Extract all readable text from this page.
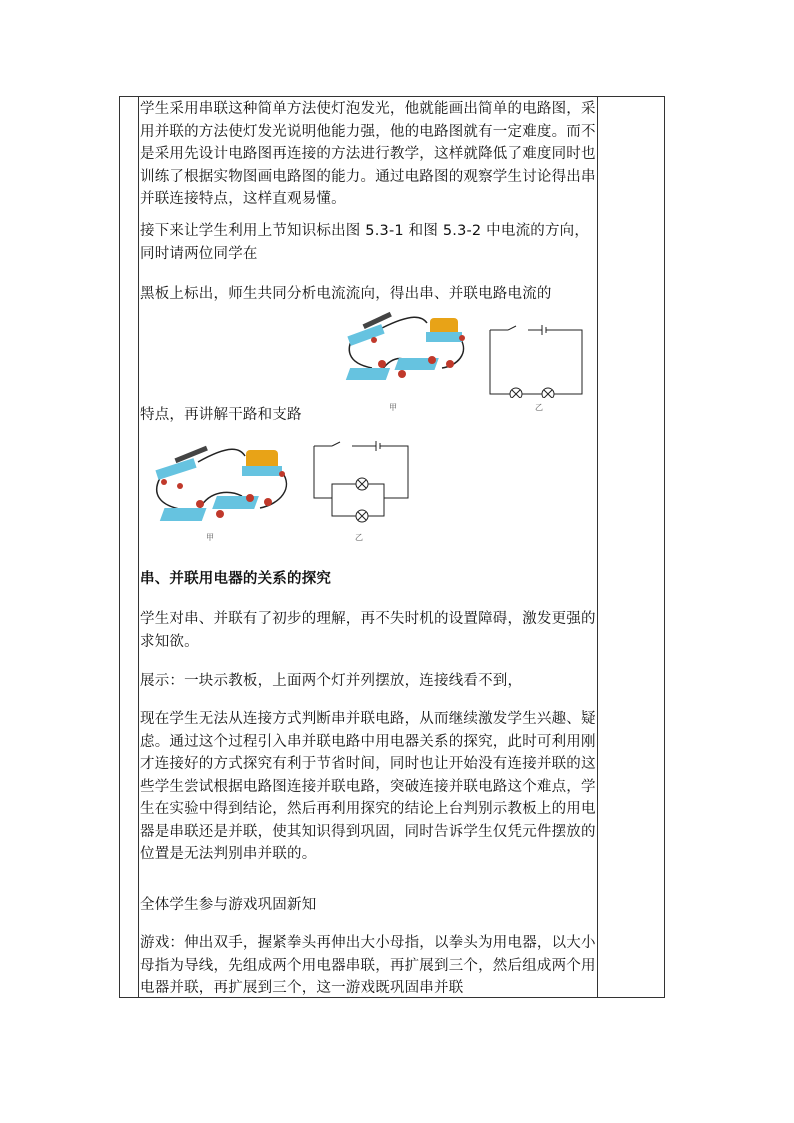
学生采用串联这种简单方法使灯泡发光，他就能画出简单的电路图，采用并联的方法使灯发光说明他能力强，他的电路图就有一定难度。而不是采用先设计电路图再连接的方法进行教学，这样就降低了难度同时也训练了根据实物图画电路图的能力。通过电路图的观察学生讨论得出串并联连接特点，这样直观易懂。

接下来让学生利用上节知识标出图 5.3-1 和图 5.3-2 中电流的方向，同时请两位同学在

黑板上标出，师生共同分析电流流向，得出串、并联电路电流的

甲	乙

特点，再讲解干路和支路

甲	乙

串、并联用电器的关系的探究

学生对串、并联有了初步的理解，再不失时机的设置障碍，激发更强的求知欲。

展示：一块示教板，上面两个灯并列摆放，连接线看不到，

现在学生无法从连接方式判断串并联电路，从而继续激发学生兴趣、疑虑。通过这个过程引入串并联电路中用电器关系的探究，此时可利用刚才连接好的方式探究有利于节省时间，同时也让开始没有连接并联的这些学生尝试根据电路图连接并联电路，突破连接并联电路这个难点，学生在实验中得到结论，然后再利用探究的结论上台判别示教板上的用电器是串联还是并联，使其知识得到巩固，同时告诉学生仅凭元件摆放的位置是无法判别串并联的。

全体学生参与游戏巩固新知

游戏：伸出双手，握紧拳头再伸出大小母指，以拳头为用电器，以大小母指为导线，先组成两个用电器串联，再扩展到三个，然后组成两个用电器并联，再扩展到三个，这一游戏既巩固串并联
